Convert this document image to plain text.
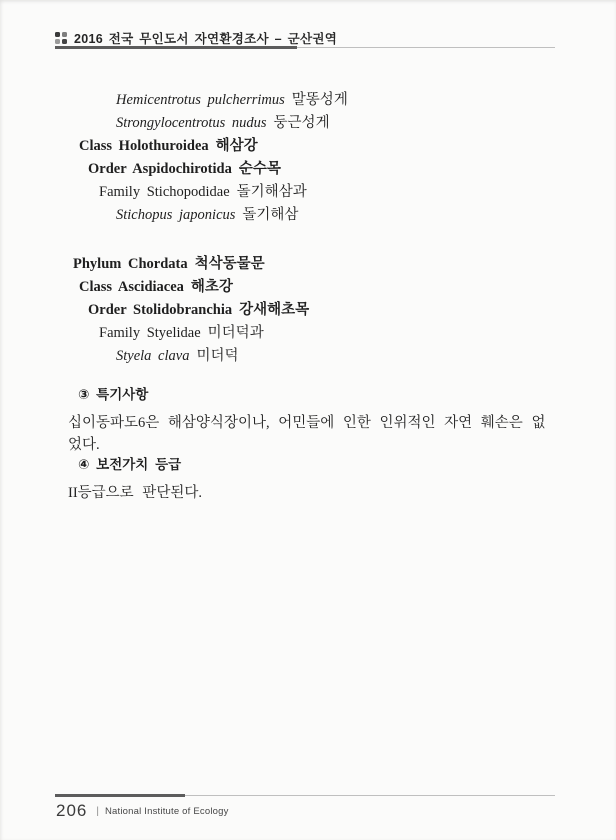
2016 전국 무인도서 자연환경조사 – 군산권역
Hemicentrotus pulcherrimus 말똥성게
Strongylocentrotus nudus 둥근성게
Class Holothuroidea 해삼강
Order Aspidochirotida 순수목
Family Stichopodidae 돌기해삼과
Stichopus japonicus 돌기해삼
Phylum Chordata 척삭동물문
Class Ascidiacea 해초강
Order Stolidobranchia 강새해초목
Family Styelidae 미더덕과
Styela clava 미더덕
③ 특기사항

십이동파도6은 해삼양식장이나, 어민들에 인한 인위적인 자연 훼손은 없었다.

④ 보전가치 등급

II등급으로 판단된다.

206 | National Institute of Ecology
